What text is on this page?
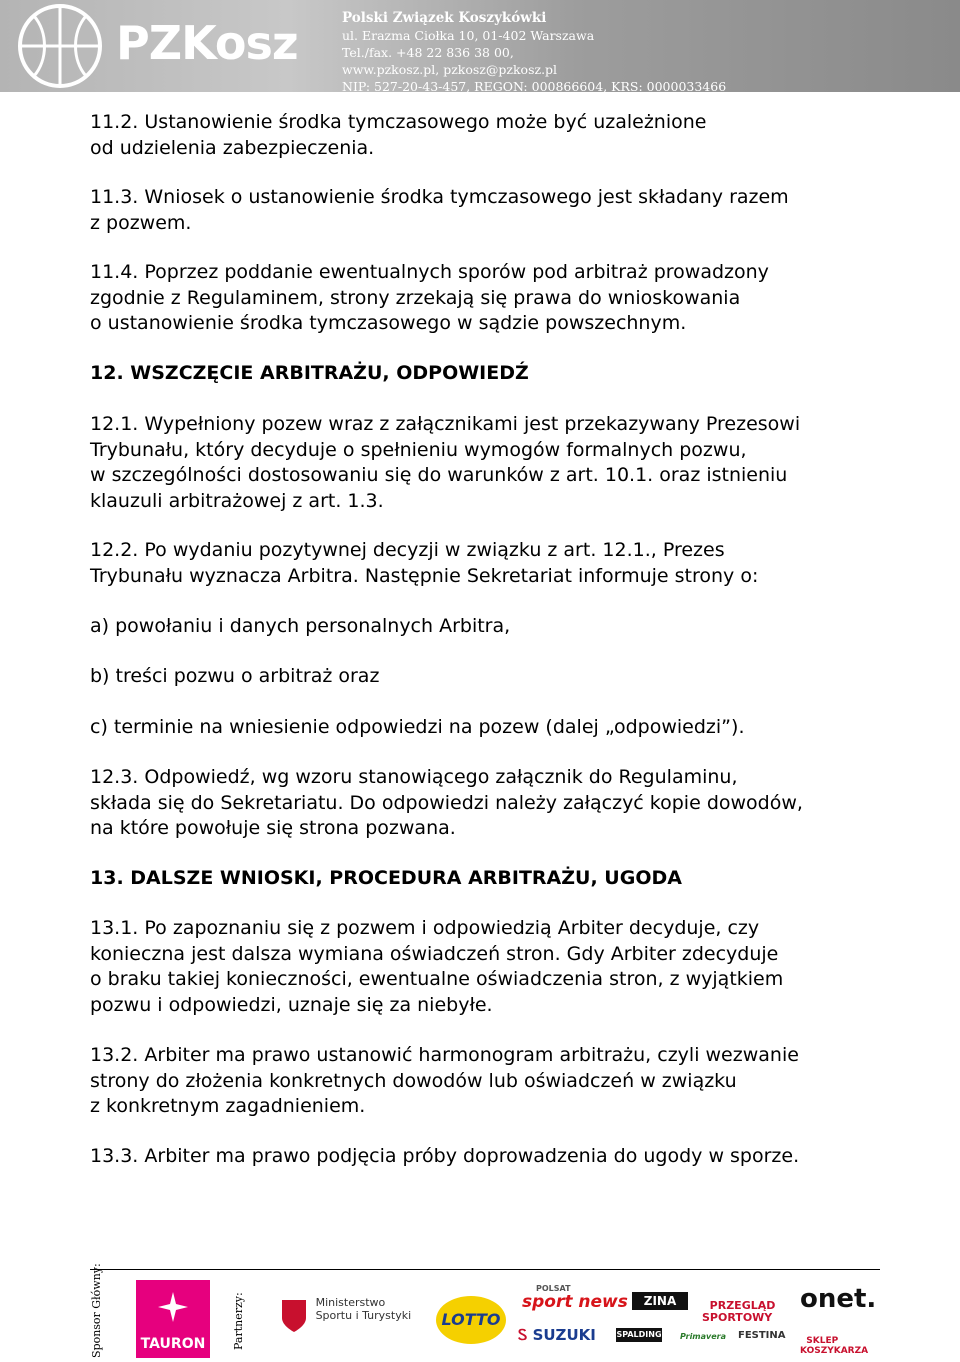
PZKosz	Polski Związek Koszykówki
ul. Erazma Ciołka 10, 01-402 Warszawa
Tel./fax. +48 22 836 38 00,
www.pzkosz.pl, pzkosz@pzkosz.pl
NIP: 527-20-43-457, REGON: 000866604, KRS: 0000033466

11.2. Ustanowienie środka tymczasowego może być uzależnione
od udzielenia zabezpieczenia.

11.3. Wniosek o ustanowienie środka tymczasowego jest składany razem
z pozwem.

11.4. Poprzez poddanie ewentualnych sporów pod arbitraż prowadzony
zgodnie z Regulaminem, strony zrzekają się prawa do wnioskowania
o ustanowienie środka tymczasowego w sądzie powszechnym.

12. WSZCZĘCIE ARBITRAŻU, ODPOWIEDŹ

12.1. Wypełniony pozew wraz z załącznikami jest przekazywany Prezesowi
Trybunału, który decyduje o spełnieniu wymogów formalnych pozwu,
w szczególności dostosowaniu się do warunków z art. 10.1. oraz istnieniu
klauzuli arbitrażowej z art. 1.3.

12.2. Po wydaniu pozytywnej decyzji w związku z art. 12.1., Prezes
Trybunału wyznacza Arbitra. Następnie Sekretariat informuje strony o:

a) powołaniu i danych personalnych Arbitra,

b) treści pozwu o arbitraż oraz

c) terminie na wniesienie odpowiedzi na pozew (dalej „odpowiedzi”).

12.3. Odpowiedź, wg wzoru stanowiącego załącznik do Regulaminu,
składa się do Sekretariatu. Do odpowiedzi należy załączyć kopie dowodów,
na które powołuje się strona pozwana.

13. DALSZE WNIOSKI, PROCEDURA ARBITRAŻU, UGODA

13.1. Po zapoznaniu się z pozwem i odpowiedzią Arbiter decyduje, czy
konieczna jest dalsza wymiana oświadczeń stron. Gdy Arbiter zdecyduje
o braku takiej konieczności, ewentualne oświadczenia stron, z wyjątkiem
pozwu i odpowiedzi, uznaje się za niebyłe.

13.2. Arbiter ma prawo ustanowić harmonogram arbitrażu, czyli wezwanie
strony do złożenia konkretnych dowodów lub oświadczeń w związku
z konkretnym zagadnieniem.

13.3. Arbiter ma prawo podjęcia próby doprowadzenia do ugody w sporze.

Sponsor Główny:	TAURON	Partnerzy:	Ministerstwo
Sportu i Turystyki	LOTTO
POLSAT
sport news	ZINA	PRZEGLĄD
SPORTOWY

onet.
Ꮪ SUZUKI	SPALDING Primavera FESTINA	SKLEP
KOSZYKARZA
